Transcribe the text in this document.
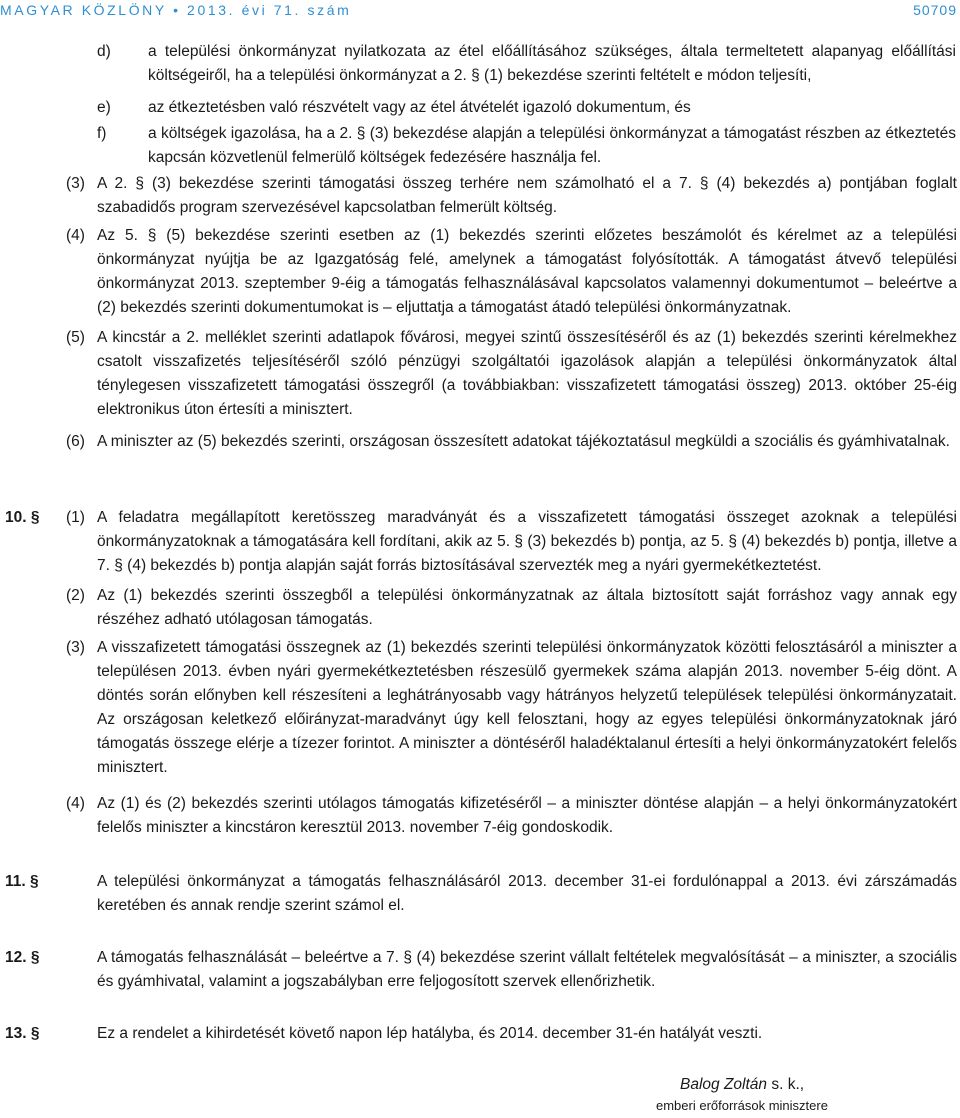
MAGYAR KÖZLÖNY • 2013. évi 71. szám	50709
d) a települési önkormányzat nyilatkozata az étel előállításához szükséges, általa termeltetett alapanyag előállítási költségeiről, ha a települési önkormányzat a 2. § (1) bekezdése szerinti feltételt e módon teljesíti,
e) az étkeztetésben való részvételt vagy az étel átvételét igazoló dokumentum, és
f)	a költségek igazolása, ha a 2. § (3) bekezdése alapján a települési önkormányzat a támogatást részben az étkeztetés kapcsán közvetlenül felmerülő költségek fedezésére használja fel.
(3) A 2. § (3) bekezdése szerinti támogatási összeg terhére nem számolható el a 7. § (4) bekezdés a) pontjában foglalt szabadidős program szervezésével kapcsolatban felmerült költség.
(4) Az 5. § (5) bekezdése szerinti esetben az (1) bekezdés szerinti előzetes beszámolót és kérelmet az a települési önkormányzat nyújtja be az Igazgatóság felé, amelynek a támogatást folyósították. A támogatást átvevő települési önkormányzat 2013. szeptember 9-éig a támogatás felhasználásával kapcsolatos valamennyi dokumentumot – beleértve a (2) bekezdés szerinti dokumentumokat is – eljuttatja a támogatást átadó települési önkormányzatnak.
(5) A kincstár a 2. melléklet szerinti adatlapok fővárosi, megyei szintű összesítéséről és az (1) bekezdés szerinti kérelmekhez csatolt visszafizetés teljesítéséről szóló pénzügyi szolgáltatói igazolások alapján a települési önkormányzatok által ténylegesen visszafizetett támogatási összegről (a továbbiakban: visszafizetett támogatási összeg) 2013. október 25-éig elektronikus úton értesíti a minisztert.
(6) A miniszter az (5) bekezdés szerinti, országosan összesített adatokat tájékoztatásul megküldi a szociális és gyámhivatalnak.
10. § (1) A feladatra megállapított keretösszeg maradványát és a visszafizetett támogatási összeget azoknak a települési önkormányzatoknak a támogatására kell fordítani, akik az 5. § (3) bekezdés b) pontja, az 5. § (4) bekezdés b) pontja, illetve a 7. § (4) bekezdés b) pontja alapján saját forrás biztosításával szervezték meg a nyári gyermekétkeztetést.
(2) Az (1) bekezdés szerinti összegből a települési önkormányzatnak az általa biztosított saját forráshoz vagy annak egy részéhez adható utólagosan támogatás.
(3) A visszafizetett támogatási összegnek az (1) bekezdés szerinti települési önkormányzatok közötti felosztásáról a miniszter a településen 2013. évben nyári gyermekétkeztetésben részesülő gyermekek száma alapján 2013. november 5-éig dönt. A döntés során előnyben kell részesíteni a leghátrányosabb vagy hátrányos helyzetű települések települési önkormányzatait. Az országosan keletkező előirányzat-maradványt úgy kell felosztani, hogy az egyes települési önkormányzatoknak járó támogatás összege elérje a tízezer forintot. A miniszter a döntéséről haladéktalanul értesíti a helyi önkormányzatokért felelős minisztert.
(4) Az (1) és (2) bekezdés szerinti utólagos támogatás kifizetéséről – a miniszter döntése alapján – a helyi önkormányzatokért felelős miniszter a kincstáron keresztül 2013. november 7-éig gondoskodik.
11. §	A települési önkormányzat a támogatás felhasználásáról 2013. december 31-ei fordulónappal a 2013. évi zárszámadás keretében és annak rendje szerint számol el.
12. §	A támogatás felhasználását – beleértve a 7. § (4) bekezdése szerint vállalt feltételek megvalósítását – a miniszter, a szociális és gyámhivatal, valamint a jogszabályban erre feljogosított szervek ellenőrizhetik.
13. §	Ez a rendelet a kihirdetését követő napon lép hatályba, és 2014. december 31-én hatályát veszti.
Balog Zoltán s. k.,
emberi erőforrások minisztere
